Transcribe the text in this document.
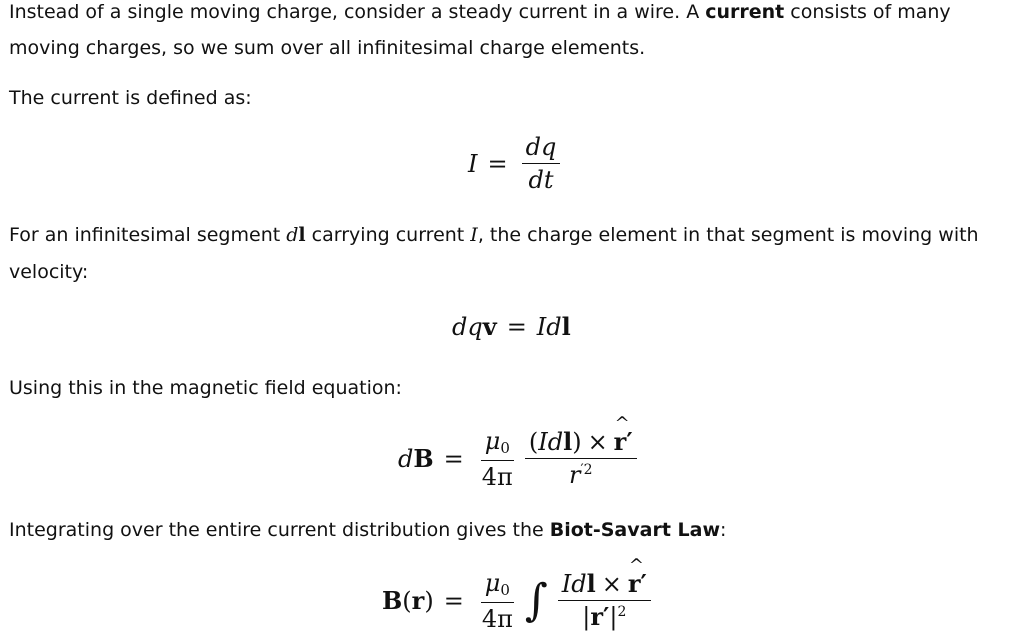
Instead of a single moving charge, consider a steady current in a wire. A current consists of many

moving charges, so we sum over all infinitesimal charge elements.

The current is defined as:

$I = \frac{dq}{dt}$

For an infinitesimal segment dl carrying current I, the charge element in that segment is moving with

velocity:

dq v = I d l

Using this in the magnetic field equation:

d $B = \frac{\mu_0}{4\pi} (Idl)$ ×
^
r′
$r^{'2}$

Integrating over the entire current distribution gives the Biot-Savart Law:

B ( r ) = $\frac{\mu_0}{4\pi}$ ∫ Idl ×
^
r′
$|r'|^2$
